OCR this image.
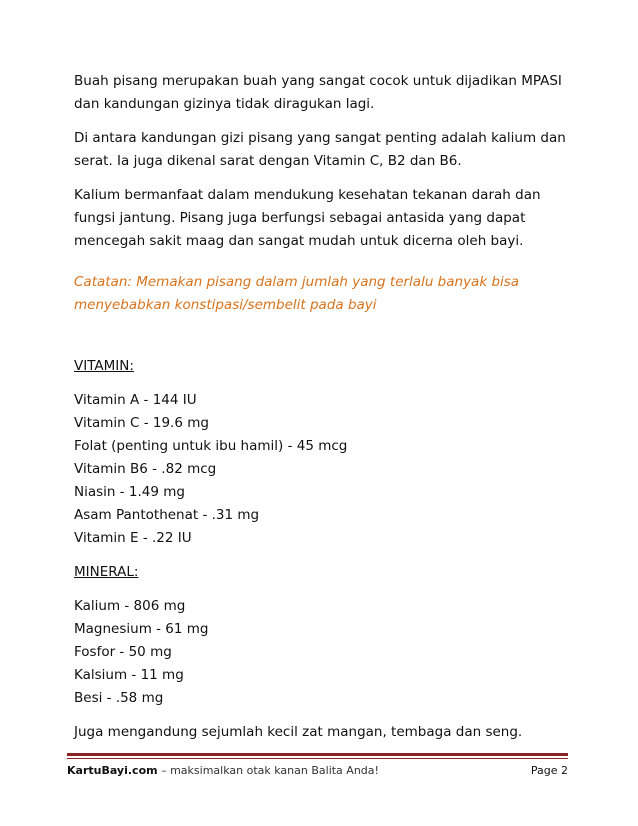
Buah pisang merupakan buah yang sangat cocok untuk dijadikan MPASI
dan kandungan gizinya tidak diragukan lagi.

Di antara kandungan gizi pisang yang sangat penting adalah kalium dan
serat. Ia juga dikenal sarat dengan Vitamin C, B2 dan B6.

Kalium bermanfaat dalam mendukung kesehatan tekanan darah dan
fungsi jantung. Pisang juga berfungsi sebagai antasida yang dapat
mencegah sakit maag dan sangat mudah untuk dicerna oleh bayi.

Catatan: Memakan pisang dalam jumlah yang terlalu banyak bisa
menyebabkan konstipasi/sembelit pada bayi

VITAMIN:
Vitamin A - 144 IU
Vitamin C - 19.6 mg
Folat (penting untuk ibu hamil) - 45 mcg
Vitamin B6 - .82 mcg
Niasin - 1.49 mg
Asam Pantothenat - .31 mg
Vitamin E - .22 IU
MINERAL:
Kalium - 806 mg
Magnesium - 61 mg
Fosfor - 50 mg
Kalsium - 11 mg
Besi - .58 mg

Juga mengandung sejumlah kecil zat mangan, tembaga dan seng.

KartuBayi.com – maksimalkan otak kanan Balita Anda!	Page 2
